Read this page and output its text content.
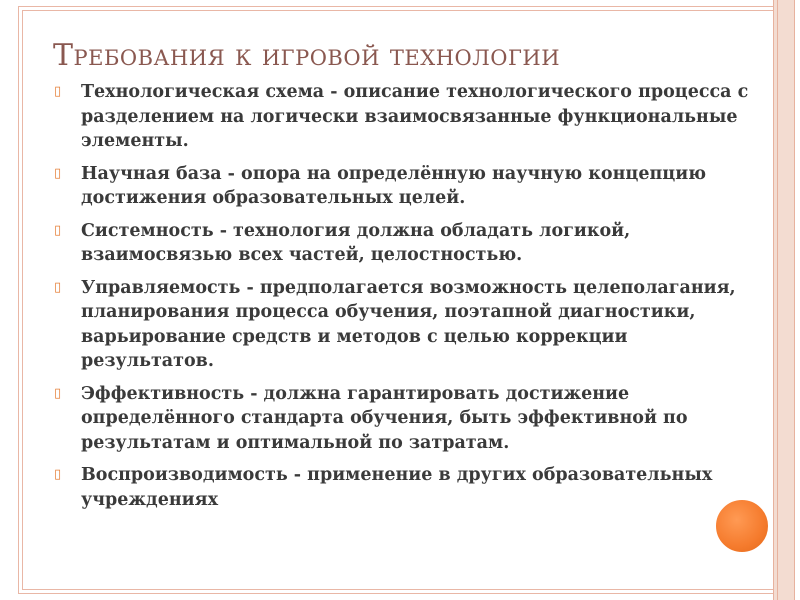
Требования к игровой технологии
▯ Технологическая схема - описание технологического процесса с разделением на логически взаимосвязанные функциональные элементы.
▯ Научная база - опора на определённую научную концепцию достижения образовательных целей.
▯ Системность - технология должна обладать логикой, взаимосвязью всех частей, целостностью.
▯ Управляемость - предполагается возможность целеполагания, планирования процесса обучения, поэтапной диагностики, варьирование средств и методов с целью коррекции результатов.
▯ Эффективность - должна гарантировать достижение определённого стандарта обучения, быть эффективной по результатам и оптимальной по затратам.
▯ Воспроизводимость - применение в других образовательных учреждениях
